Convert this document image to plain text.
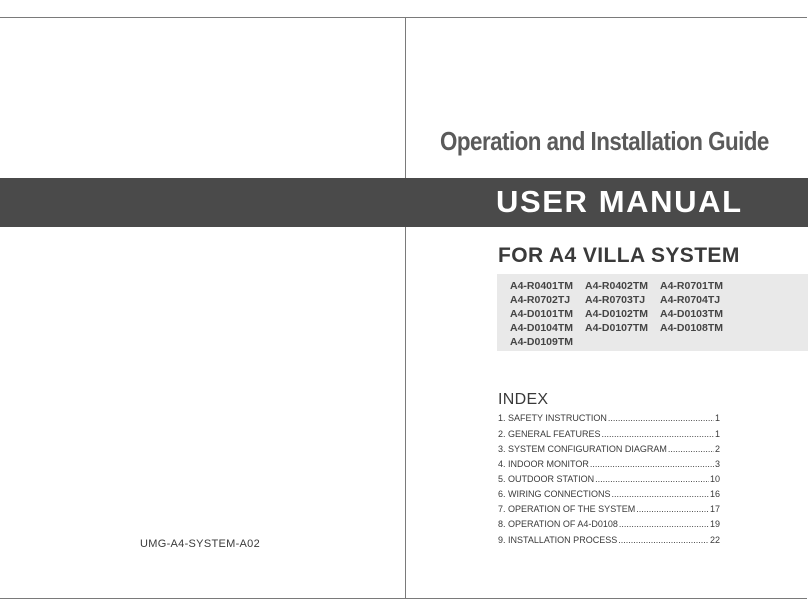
Operation and Installation Guide
USER MANUAL
FOR A4 VILLA SYSTEM
A4-R0401TM A4-R0402TM A4-R0701TM
A4-R0702TJ A4-R0703TJ A4-R0704TJ
A4-D0101TM A4-D0102TM A4-D0103TM
A4-D0104TM A4-D0107TM A4-D0108TM
A4-D0109TM
INDEX
1. SAFETY INSTRUCTION .....	1
2. GENERAL FEATURES .....	1
3. SYSTEM CONFIGURATION DIAGRAM .....	2
4. INDOOR MONITOR .....	3
5. OUTDOOR STATION .....	10
6. WIRING CONNECTIONS .....	16
7. OPERATION OF THE SYSTEM .....	17
8. OPERATION OF A4-D0108 .....	19
9. INSTALLATION PROCESS .....	22
UMG-A4-SYSTEM-A02
